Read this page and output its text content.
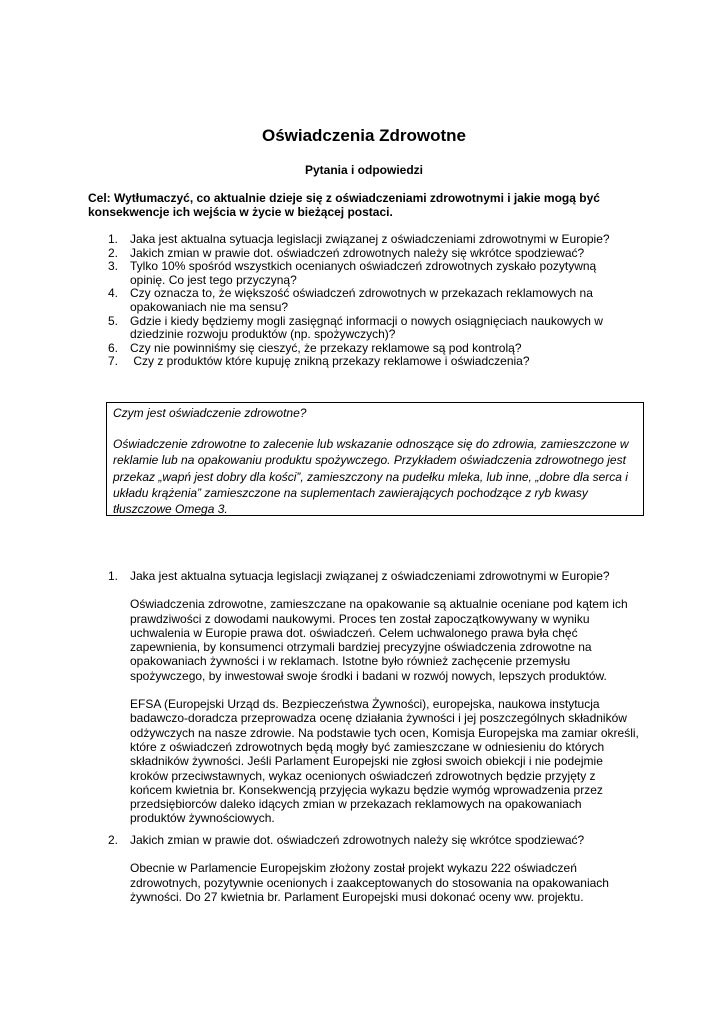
Oświadczenia Zdrowotne
Pytania i odpowiedzi

Cel: Wytłumaczyć, co aktualnie dzieje się z oświadczeniami zdrowotnymi i jakie mogą być konsekwencje ich wejścia w życie w bieżącej postaci.

1. Jaka jest aktualna sytuacja legislacji związanej z oświadczeniami zdrowotnymi w Europie?
2. Jakich zmian w prawie dot. oświadczeń zdrowotnych należy się wkrótce spodziewać?
3. Tylko 10% spośród wszystkich ocenianych oświadczeń zdrowotnych zyskało pozytywną opinię. Co jest tego przyczyną?
4. Czy oznacza to, że większość oświadczeń zdrowotnych w przekazach reklamowych na opakowaniach nie ma sensu?
5. Gdzie i kiedy będziemy mogli zasięgnąć informacji o nowych osiągnięciach naukowych w dziedzinie rozwoju produktów (np. spożywczych)?
6. Czy nie powinniśmy się cieszyć, że przekazy reklamowe są pod kontrolą?
7. Czy z produktów które kupuję znikną przekazy reklamowe i oświadczenia?

Czym jest oświadczenie zdrowotne?

Oświadczenie zdrowotne to zalecenie lub wskazanie odnoszące się do zdrowia, zamieszczone w reklamie lub na opakowaniu produktu spożywczego. Przykładem oświadczenia zdrowotnego jest przekaz „wapń jest dobry dla kości”, zamieszczony na pudełku mleka, lub inne, „dobre dla serca i układu krążenia” zamieszczone na suplementach zawierających pochodzące z ryb kwasy tłuszczowe Omega 3.

1. Jaka jest aktualna sytuacja legislacji związanej z oświadczeniami zdrowotnymi w Europie?

Oświadczenia zdrowotne, zamieszczane na opakowanie są aktualnie oceniane pod kątem ich prawdziwości z dowodami naukowymi. Proces ten został zapoczątkowywany w wyniku uchwalenia w Europie prawa dot. oświadczeń. Celem uchwalonego prawa była chęć zapewnienia, by konsumenci otrzymali bardziej precyzyjne oświadczenia zdrowotne na opakowaniach żywności i w reklamach. Istotne było również zachęcenie przemysłu spożywczego, by inwestował swoje środki i badani w rozwój nowych, lepszych produktów.

EFSA (Europejski Urząd ds. Bezpieczeństwa Żywności), europejska, naukowa instytucja badawczo-doradcza przeprowadza ocenę działania żywności i jej poszczególnych składników odżywczych na nasze zdrowie. Na podstawie tych ocen, Komisja Europejska ma zamiar określi, które z oświadczeń zdrowotnych będą mogły być zamieszczane w odniesieniu do których składników żywności. Jeśli Parlament Europejski nie zgłosi swoich obiekcji i nie podejmie kroków przeciwstawnych, wykaz ocenionych oświadczeń zdrowotnych będzie przyjęty z końcem kwietnia br. Konsekwencją przyjęcia wykazu będzie wymóg wprowadzenia przez przedsiębiorców daleko idących zmian w przekazach reklamowych na opakowaniach produktów żywnościowych.

2. Jakich zmian w prawie dot. oświadczeń zdrowotnych należy się wkrótce spodziewać?

Obecnie w Parlamencie Europejskim złożony został projekt wykazu 222 oświadczeń zdrowotnych, pozytywnie ocenionych i zaakceptowanych do stosowania na opakowaniach żywności. Do 27 kwietnia br. Parlament Europejski musi dokonać oceny ww. projektu.
